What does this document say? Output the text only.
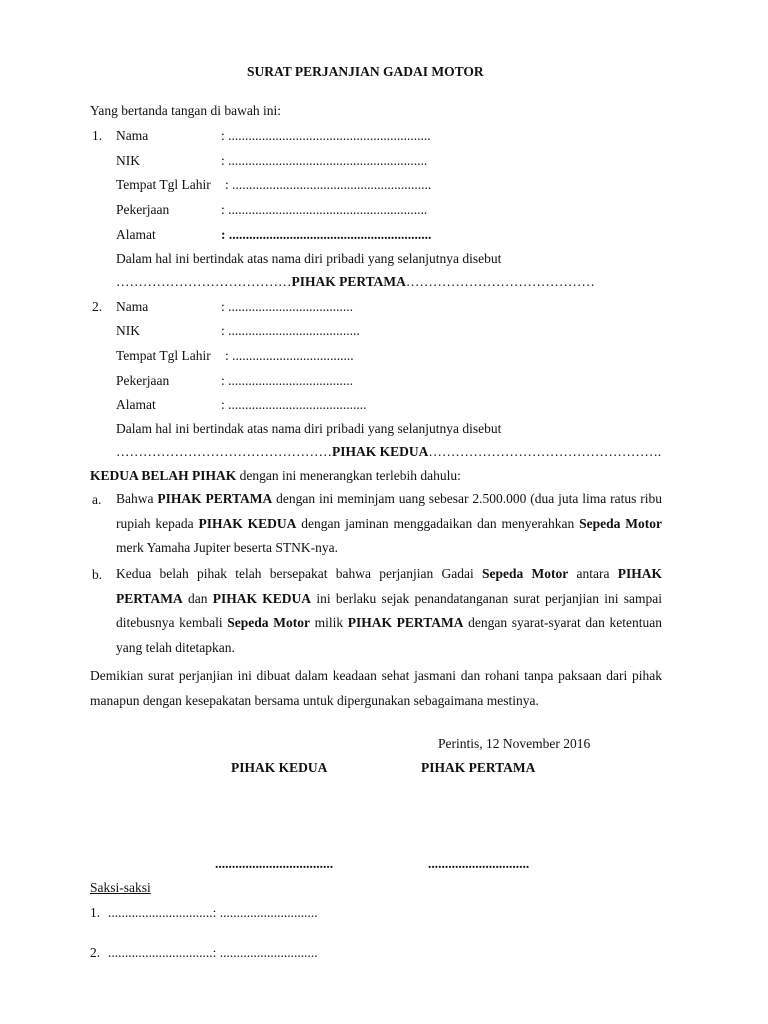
SURAT PERJANJIAN GADAI MOTOR
Yang bertanda tangan di bawah ini:
1. Nama	: ............................................................
NIK	: ...........................................................
Tempat Tgl Lahir : ...........................................................
Pekerjaan	: ...........................................................
Alamat	: ............................................................
Dalam hal ini bertindak atas nama diri pribadi yang selanjutnya disebut
…………………………………PIHAK PERTAMA……………………………………
2. Nama	: .....................................
NIK	: .......................................
Tempat Tgl Lahir : ....................................
Pekerjaan	: .....................................
Alamat	: .........................................
Dalam hal ini bertindak atas nama diri pribadi yang selanjutnya disebut
…………………………………………PIHAK KEDUA…………………………………………….
KEDUA BELAH PIHAK dengan ini menerangkan terlebih dahulu:
a. Bahwa PIHAK PERTAMA dengan ini meminjam uang sebesar 2.500.000 (dua juta lima ratus ribu rupiah kepada PIHAK KEDUA dengan jaminan menggadaikan dan menyerahkan Sepeda Motor merk Yamaha Jupiter beserta STNK-nya.
b. Kedua belah pihak telah bersepakat bahwa perjanjian Gadai Sepeda Motor antara PIHAK PERTAMA dan PIHAK KEDUA ini berlaku sejak penandatanganan surat perjanjian ini sampai ditebusnya kembali Sepeda Motor milik PIHAK PERTAMA dengan syarat-syarat dan ketentuan yang telah ditetapkan.
Demikian surat perjanjian ini dibuat dalam keadaan sehat jasmani dan rohani tanpa paksaan dari pihak manapun dengan kesepakatan bersama untuk dipergunakan sebagaimana mestinya.
Perintis, 12 November 2016
PIHAK KEDUA	PIHAK PERTAMA
...................................	..............................
Saksi-saksi
1. ...............................: .............................
2. ...............................: .............................
